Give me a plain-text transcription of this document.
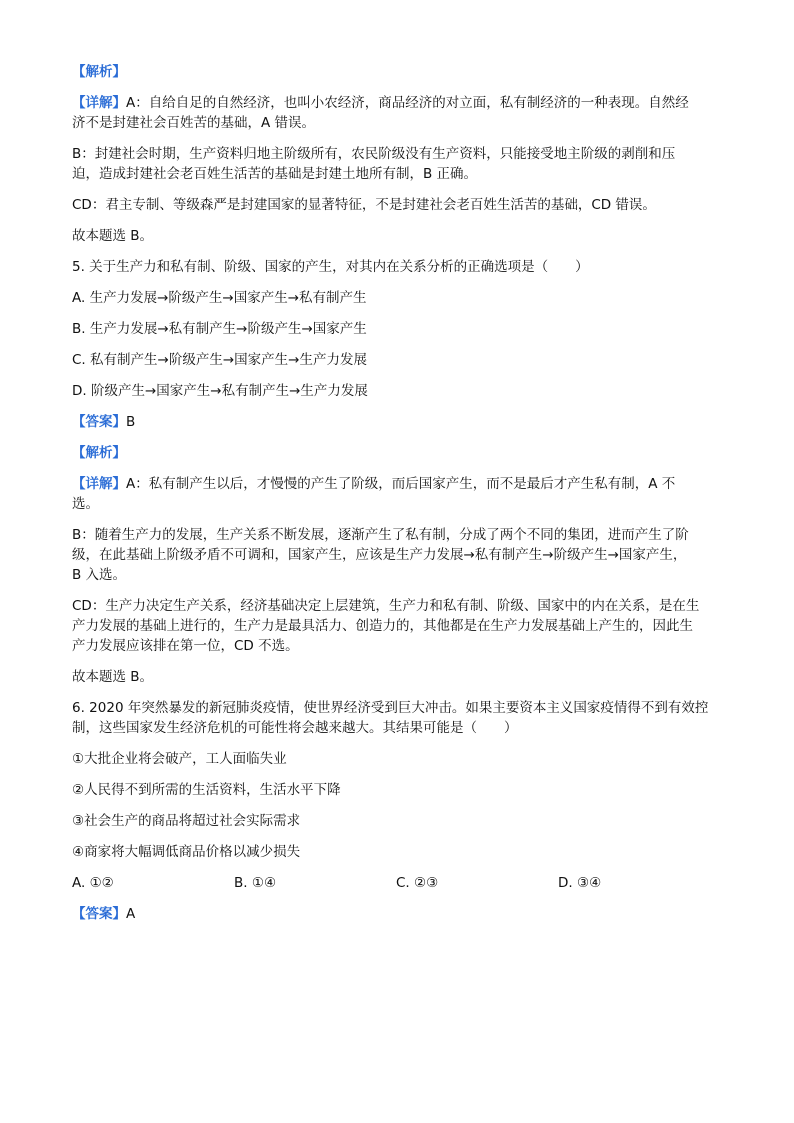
【解析】

【详解】A：自给自足的自然经济，也叫小农经济，商品经济的对立面，私有制经济的一种表现。自然经

济不是封建社会百姓苦的基础，A 错误。

B：封建社会时期，生产资料归地主阶级所有，农民阶级没有生产资料，只能接受地主阶级的剥削和压

迫，造成封建社会老百姓生活苦的基础是封建土地所有制，B 正确。

CD：君主专制、等级森严是封建国家的显著特征，不是封建社会老百姓生活苦的基础，CD 错误。

故本题选 B。

5. 关于生产力和私有制、阶级、国家的产生，对其内在关系分析的正确选项是（　　）

A. 生产力发展→阶级产生→国家产生→私有制产生

B. 生产力发展→私有制产生→阶级产生→国家产生

C. 私有制产生→阶级产生→国家产生→生产力发展

D. 阶级产生→国家产生→私有制产生→生产力发展

【答案】B

【解析】

【详解】A：私有制产生以后，才慢慢的产生了阶级，而后国家产生，而不是最后才产生私有制，A 不

选。

B：随着生产力的发展，生产关系不断发展，逐渐产生了私有制，分成了两个不同的集团，进而产生了阶

级，在此基础上阶级矛盾不可调和，国家产生，应该是生产力发展→私有制产生→阶级产生→国家产生，

B 入选。

CD：生产力决定生产关系，经济基础决定上层建筑，生产力和私有制、阶级、国家中的内在关系，是在生

产力发展的基础上进行的，生产力是最具活力、创造力的，其他都是在生产力发展基础上产生的，因此生

产力发展应该排在第一位，CD 不选。

故本题选 B。

6. 2020 年突然暴发的新冠肺炎疫情，使世界经济受到巨大冲击。如果主要资本主义国家疫情得不到有效控

制，这些国家发生经济危机的可能性将会越来越大。其结果可能是（　　）

①大批企业将会破产，工人面临失业

②人民得不到所需的生活资料，生活水平下降

③社会生产的商品将超过社会实际需求

④商家将大幅调低商品价格以减少损失

A. ①②	B. ①④	C. ②③	D. ③④

【答案】A
